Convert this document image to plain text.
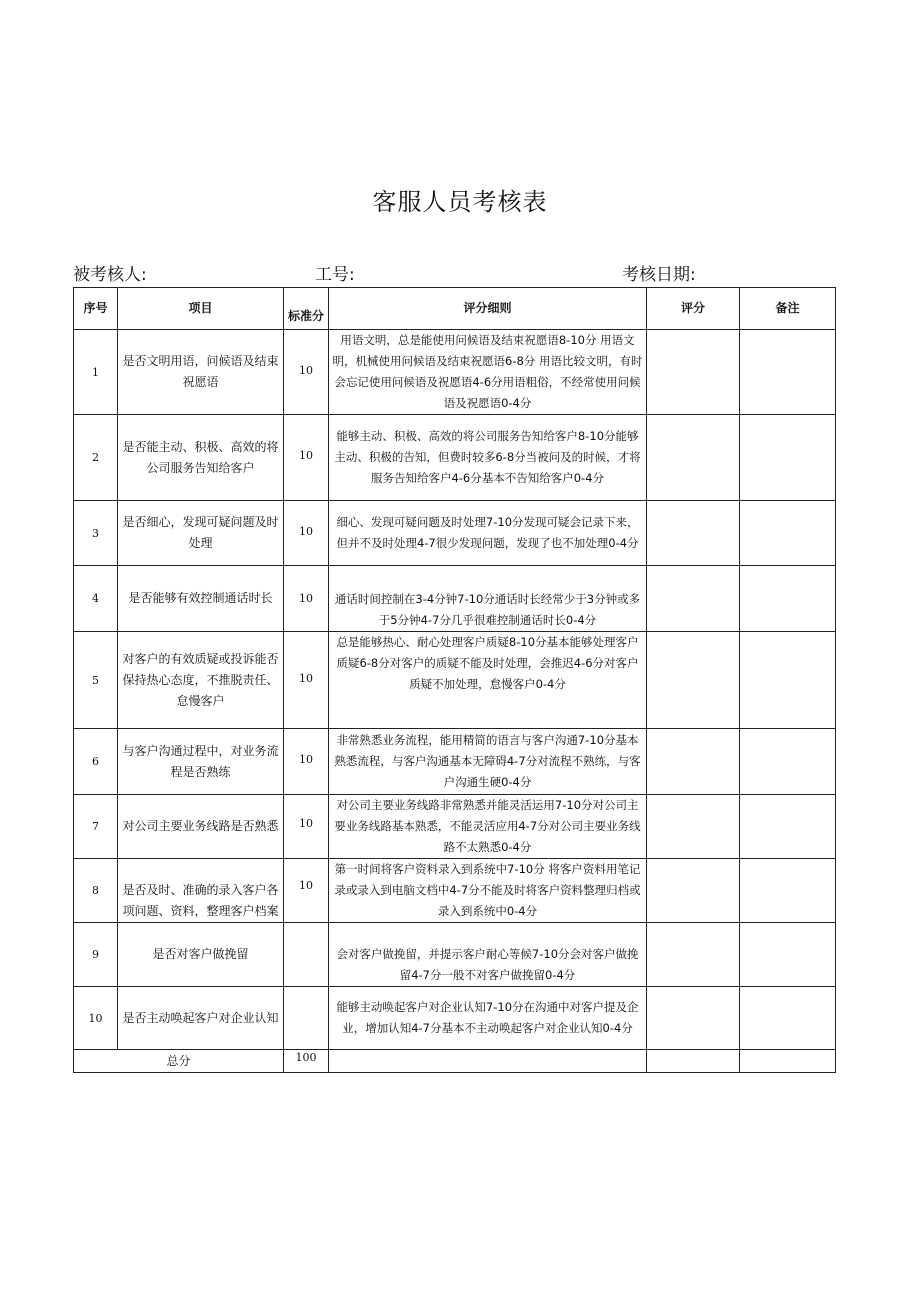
客服人员考核表
被考核人:	工号:	考核日期:
序号	项目	标准分	评分细则	评分	备注
1	是否文明用语，问候语及结束祝愿语	10	用语文明，总是能使用问候语及结束祝愿语8-10分 用语文明，机械使用问候语及结束祝愿语6-8分 用语比较文明，有时会忘记使用问候语及祝愿语4-6分用语粗俗，不经常使用问候语及祝愿语0-4分		
2	是否能主动、积极、高效的将公司服务告知给客户	10	能够主动、积极、高效的将公司服务告知给客户8-10分能够主动、积极的告知，但费时较多6-8分当被问及的时候，才将服务告知给客户4-6分基本不告知给客户0-4分		
3	是否细心，发现可疑问题及时处理	10	细心、发现可疑问题及时处理7-10分发现可疑会记录下来，但并不及时处理4-7很少发现问题，发现了也不加处理0-4分		
4	是否能够有效控制通话时长	10	通话时间控制在3-4分钟7-10分通话时长经常少于3分钟或多于5分钟4-7分几乎很难控制通话时长0-4分		
5	对客户的有效质疑或投诉能否保持热心态度，不推脱责任、怠慢客户	10	总是能够热心、耐心处理客户质疑8-10分基本能够处理客户质疑6-8分对客户的质疑不能及时处理，会推迟4-6分对客户质疑不加处理，怠慢客户0-4分		
6	与客户沟通过程中，对业务流程是否熟练	10	非常熟悉业务流程，能用精简的语言与客户沟通7-10分基本熟悉流程，与客户沟通基本无障碍4-7分对流程不熟练，与客户沟通生硬0-4分		
7	对公司主要业务线路是否熟悉	10	对公司主要业务线路非常熟悉并能灵活运用7-10分对公司主要业务线路基本熟悉，不能灵活应用4-7分对公司主要业务线路不太熟悉0-4分		
8	是否及时、准确的录入客户各项问题、资料，整理客户档案	10	第一时间将客户资料录入到系统中7-10分 将客户资料用笔记录或录入到电脑文档中4-7分不能及时将客户资料整理归档或录入到系统中0-4分		
9	是否对客户做挽留		会对客户做挽留，并提示客户耐心等候7-10分会对客户做挽留4-7分一般不对客户做挽留0-4分		
10	是否主动唤起客户对企业认知		能够主动唤起客户对企业认知7-10分在沟通中对客户提及企业，增加认知4-7分基本不主动唤起客户对企业认知0-4分		
总分		100			
